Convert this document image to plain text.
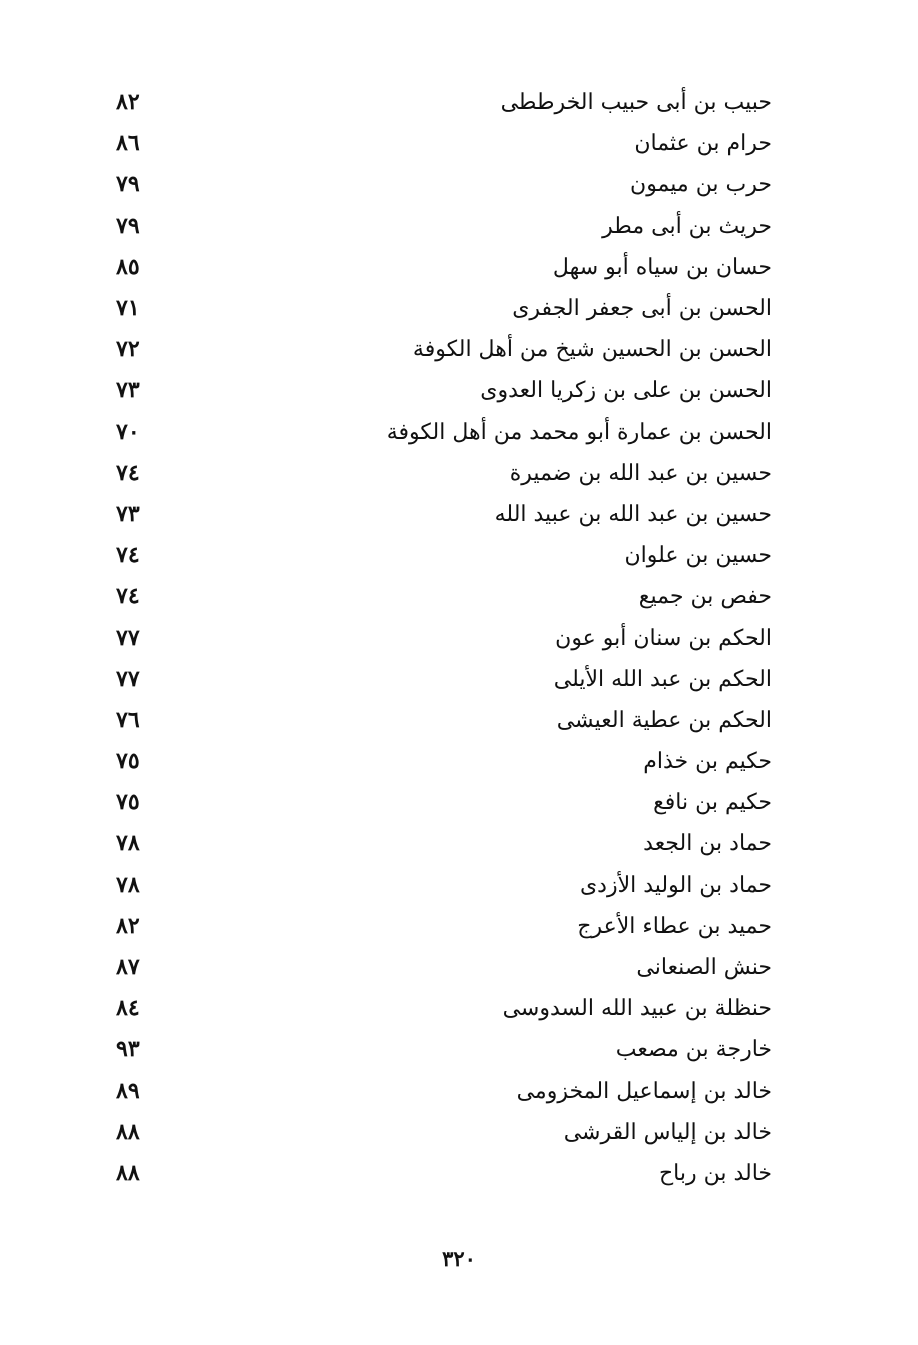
حبيب بن أبى حبيب الخرططى
٨٢
حرام بن عثمان
٨٦
حرب بن ميمون
٧٩
حريث بن أبى مطر
٧٩
حسان بن سياه أبو سهل
٨٥
الحسن بن أبى جعفر الجفرى
٧١
الحسن بن الحسين شيخ من أهل الكوفة
٧٢
الحسن بن على بن زكريا العدوى
٧٣
الحسن بن عمارة أبو محمد من أهل الكوفة
٧٠
حسين بن عبد الله بن ضميرة
٧٤
حسين بن عبد الله بن عبيد الله
٧٣
حسين بن علوان
٧٤
حفص بن جميع
٧٤
الحكم بن سنان أبو عون
٧٧
الحكم بن عبد الله الأيلى
٧٧
الحكم بن عطية العيشى
٧٦
حكيم بن خذام
٧٥
حكيم بن نافع
٧٥
حماد بن الجعد
٧٨
حماد بن الوليد الأزدى
٧٨
حميد بن عطاء الأعرج
٨٢
حنش الصنعانى
٨٧
حنظلة بن عبيد الله السدوسى
٨٤
خارجة بن مصعب
٩٣
خالد بن إسماعيل المخزومى
٨٩
خالد بن إلياس القرشى
٨٨
خالد بن رباح
٨٨
٣٢٠
